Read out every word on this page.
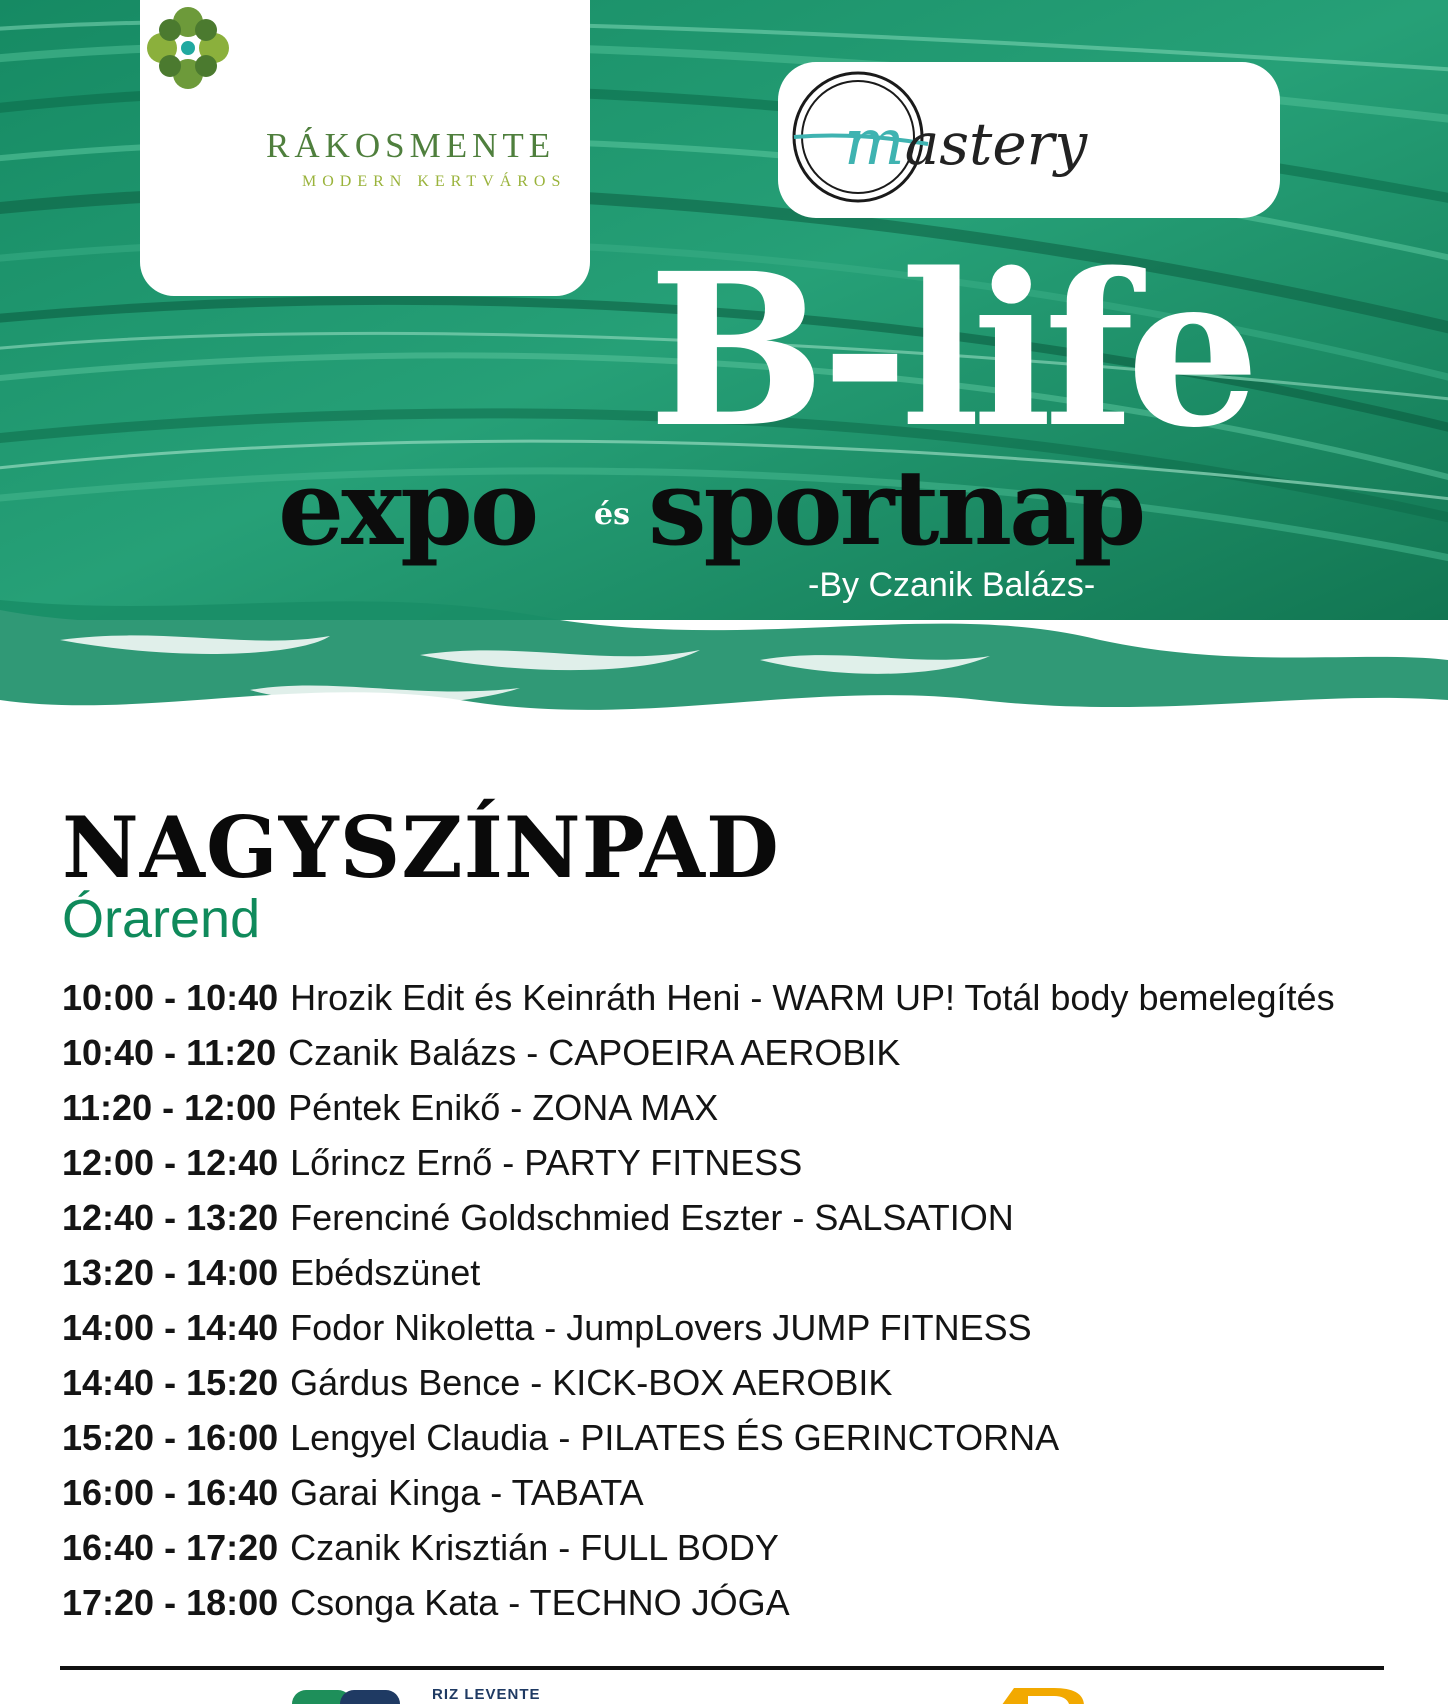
RÁKOSMENTE
MODERN KERTVÁROS
mastery
B-life
expo és sportnap
-By Czanik Balázs-
NAGYSZÍNPAD
Órarend
10:00 - 10:40 Hrozik Edit és Keinráth Heni - WARM UP! Totál body bemelegítés
10:40 - 11:20 Czanik Balázs - CAPOEIRA AEROBIK
11:20 - 12:00 Péntek Enikő - ZONA MAX
12:00 - 12:40 Lőrincz Ernő - PARTY FITNESS
12:40 - 13:20 Ferenciné Goldschmied Eszter - SALSATION
13:20 - 14:00 Ebédszünet
14:00 - 14:40 Fodor Nikoletta - JumpLovers JUMP FITNESS
14:40 - 15:20 Gárdus Bence - KICK-BOX AEROBIK
15:20 - 16:00 Lengyel Claudia - PILATES ÉS GERINCTORNA
16:00 - 16:40 Garai Kinga - TABATA
16:40 - 17:20 Czanik Krisztián - FULL BODY
17:20 - 18:00 Csonga Kata - TECHNO JÓGA
RIZ LEVENTE
